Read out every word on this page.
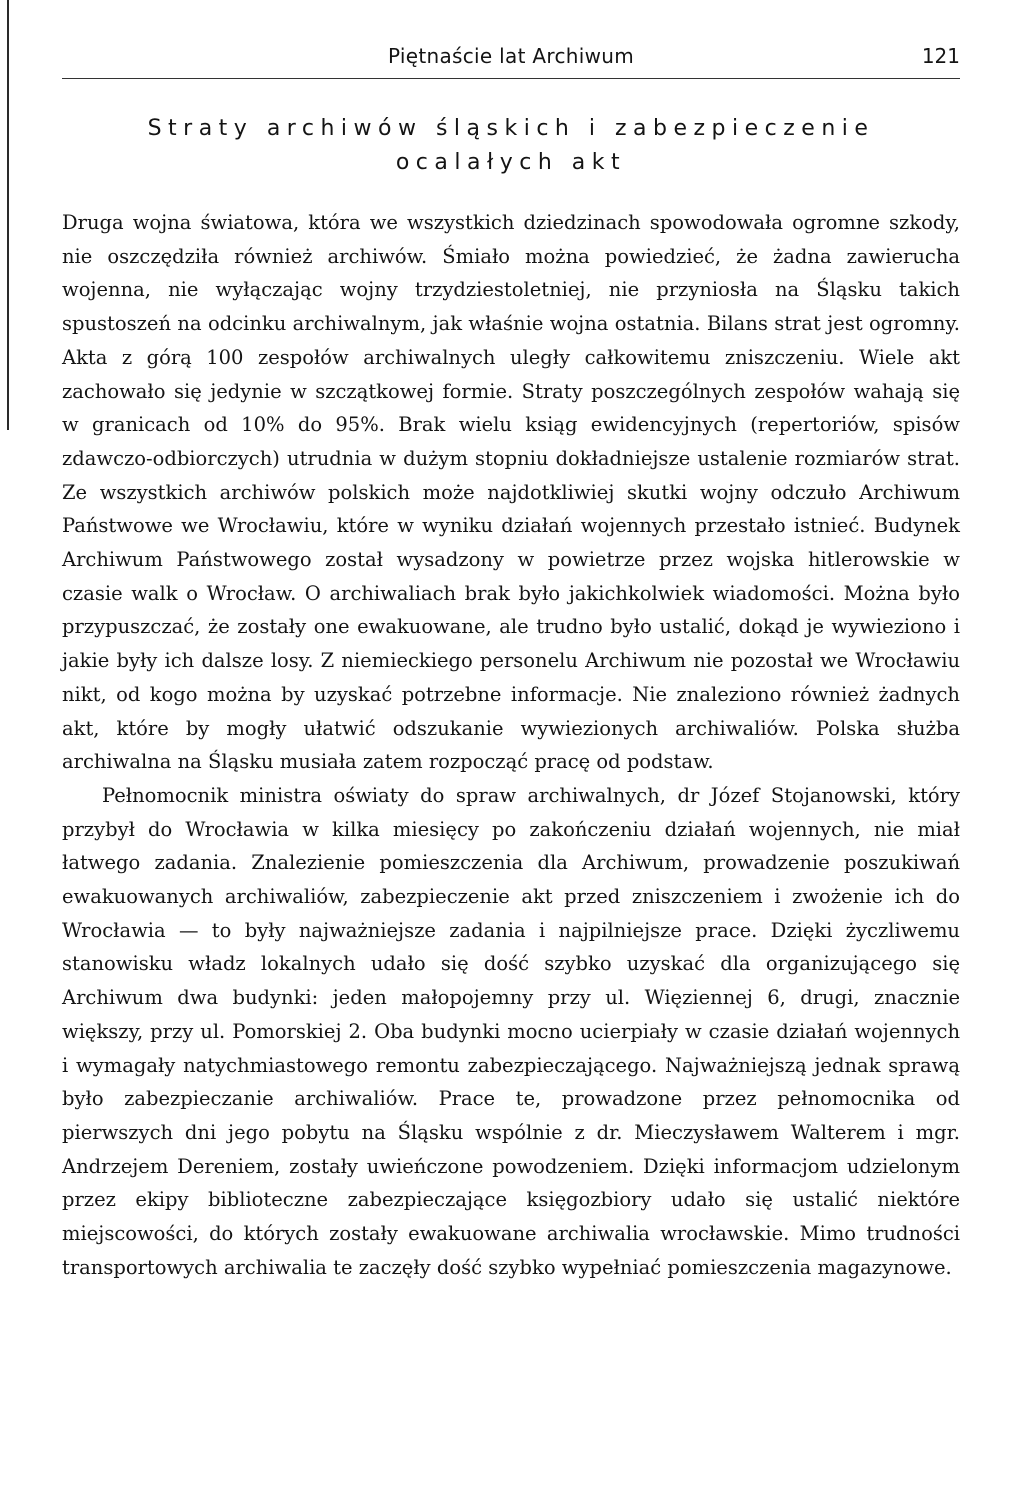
Piętnaście lat Archiwum	121
Straty archiwów śląskich i zabezpieczenie
ocalałych akt

Druga wojna światowa, która we wszystkich dziedzinach spowodowała ogromne szkody, nie oszczędziła również archiwów. Śmiało można powiedzieć, że żadna zawierucha wojenna, nie wyłączając wojny trzydziestoletniej, nie przyniosła na Śląsku takich spustoszeń na odcinku archiwalnym, jak właśnie wojna ostatnia. Bilans strat jest ogromny. Akta z górą 100 zespołów archiwalnych uległy całkowitemu zniszczeniu. Wiele akt zachowało się jedynie w szczątkowej formie. Straty poszczególnych zespołów wahają się w granicach od 10% do 95%. Brak wielu ksiąg ewidencyjnych (repertoriów, spisów zdawczo-odbiorczych) utrudnia w dużym stopniu dokładniejsze ustalenie rozmiarów strat. Ze wszystkich archiwów polskich może najdotkliwiej skutki wojny odczuło Archiwum Państwowe we Wrocławiu, które w wyniku działań wojennych przestało istnieć. Budynek Archiwum Państwowego został wysadzony w powietrze przez wojska hitlerowskie w czasie walk o Wrocław. O archiwaliach brak było jakichkolwiek wiadomości. Można było przypuszczać, że zostały one ewakuowane, ale trudno było ustalić, dokąd je wywieziono i jakie były ich dalsze losy. Z niemieckiego personelu Archiwum nie pozostał we Wrocławiu nikt, od kogo można by uzyskać potrzebne informacje. Nie znaleziono również żadnych akt, które by mogły ułatwić odszukanie wywiezionych archiwaliów. Polska służba archiwalna na Śląsku musiała zatem rozpocząć pracę od podstaw.

Pełnomocnik ministra oświaty do spraw archiwalnych, dr Józef Stojanowski, który przybył do Wrocławia w kilka miesięcy po zakończeniu działań wojennych, nie miał łatwego zadania. Znalezienie pomieszczenia dla Archiwum, prowadzenie poszukiwań ewakuowanych archiwaliów, zabezpieczenie akt przed zniszczeniem i zwożenie ich do Wrocławia — to były najważniejsze zadania i najpilniejsze prace. Dzięki życzliwemu stanowisku władz lokalnych udało się dość szybko uzyskać dla organizującego się Archiwum dwa budynki: jeden małopojemny przy ul. Więziennej 6, drugi, znacznie większy, przy ul. Pomorskiej 2. Oba budynki mocno ucierpiały w czasie działań wojennych i wymagały natychmiastowego remontu zabezpieczającego. Najważniejszą jednak sprawą było zabezpieczanie archiwaliów. Prace te, prowadzone przez pełnomocnika od pierwszych dni jego pobytu na Śląsku wspólnie z dr. Mieczysławem Walterem i mgr. Andrzejem Dereniem, zostały uwieńczone powodzeniem. Dzięki informacjom udzielonym przez ekipy biblioteczne zabezpieczające księgozbiory udało się ustalić niektóre miejscowości, do których zostały ewakuowane archiwalia wrocławskie. Mimo trudności transportowych archiwalia te zaczęły dość szybko wypełniać pomieszczenia magazynowe.
